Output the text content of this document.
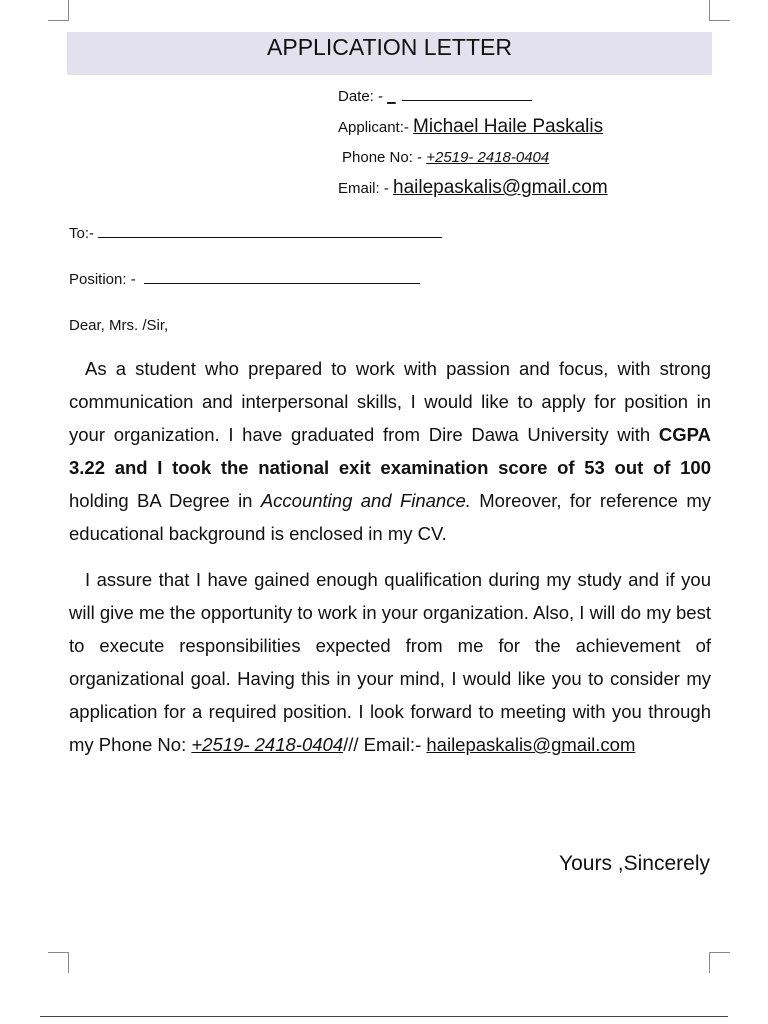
APPLICATION LETTER
Date: - _
Applicant:- Michael Haile Paskalis
Phone No: - +2519- 2418-0404
Email: - hailepaskalis@gmail.com
To:-
Position: -
Dear, Mrs. /Sir,
As a student who prepared to work with passion and focus, with strong communication and interpersonal skills, I would like to apply for position in your organization. I have graduated from Dire Dawa University with CGPA 3.22 and I took the national exit examination score of 53 out of 100 holding BA Degree in Accounting and Finance. Moreover, for reference my educational background is enclosed in my CV.
I assure that I have gained enough qualification during my study and if you will give me the opportunity to work in your organization. Also, I will do my best to execute responsibilities expected from me for the achievement of organizational goal. Having this in your mind, I would like you to consider my application for a required position. I look forward to meeting with you through my Phone No: +2519- 2418-0404/// Email:- hailepaskalis@gmail.com
Yours ,Sincerely
